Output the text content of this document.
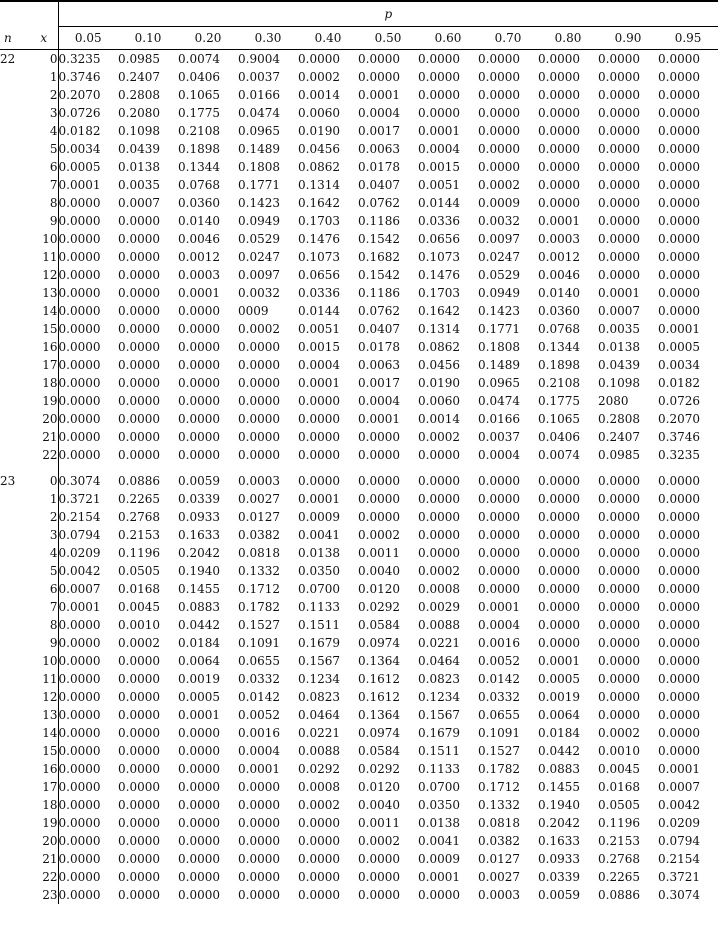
		p										
n	x	0.05	0.10	0.20	0.30	0.40	0.50	0.60	0.70	0.80	0.90	0.95
22	0	0.3235	0.0985	0.0074	0.9004	0.0000	0.0000	0.0000	0.0000	0.0000	0.0000	0.0000
	1	0.3746	0.2407	0.0406	0.0037	0.0002	0.0000	0.0000	0.0000	0.0000	0.0000	0.0000
	2	0.2070	0.2808	0.1065	0.0166	0.0014	0.0001	0.0000	0.0000	0.0000	0.0000	0.0000
	3	0.0726	0.2080	0.1775	0.0474	0.0060	0.0004	0.0000	0.0000	0.0000	0.0000	0.0000
	4	0.0182	0.1098	0.2108	0.0965	0.0190	0.0017	0.0001	0.0000	0.0000	0.0000	0.0000
	5	0.0034	0.0439	0.1898	0.1489	0.0456	0.0063	0.0004	0.0000	0.0000	0.0000	0.0000
	6	0.0005	0.0138	0.1344	0.1808	0.0862	0.0178	0.0015	0.0000	0.0000	0.0000	0.0000
	7	0.0001	0.0035	0.0768	0.1771	0.1314	0.0407	0.0051	0.0002	0.0000	0.0000	0.0000
	8	0.0000	0.0007	0.0360	0.1423	0.1642	0.0762	0.0144	0.0009	0.0000	0.0000	0.0000
	9	0.0000	0.0000	0.0140	0.0949	0.1703	0.1186	0.0336	0.0032	0.0001	0.0000	0.0000
	10	0.0000	0.0000	0.0046	0.0529	0.1476	0.1542	0.0656	0.0097	0.0003	0.0000	0.0000
	11	0.0000	0.0000	0.0012	0.0247	0.1073	0.1682	0.1073	0.0247	0.0012	0.0000	0.0000
	12	0.0000	0.0000	0.0003	0.0097	0.0656	0.1542	0.1476	0.0529	0.0046	0.0000	0.0000
	13	0.0000	0.0000	0.0001	0.0032	0.0336	0.1186	0.1703	0.0949	0.0140	0.0001	0.0000
	14	0.0000	0.0000	0.0000	0009	0.0144	0.0762	0.1642	0.1423	0.0360	0.0007	0.0000
	15	0.0000	0.0000	0.0000	0.0002	0.0051	0.0407	0.1314	0.1771	0.0768	0.0035	0.0001
	16	0.0000	0.0000	0.0000	0.0000	0.0015	0.0178	0.0862	0.1808	0.1344	0.0138	0.0005
	17	0.0000	0.0000	0.0000	0.0000	0.0004	0.0063	0.0456	0.1489	0.1898	0.0439	0.0034
	18	0.0000	0.0000	0.0000	0.0000	0.0001	0.0017	0.0190	0.0965	0.2108	0.1098	0.0182
	19	0.0000	0.0000	0.0000	0.0000	0.0000	0.0004	0.0060	0.0474	0.1775	2080	0.0726
	20	0.0000	0.0000	0.0000	0.0000	0.0000	0.0001	0.0014	0.0166	0.1065	0.2808	0.2070
	21	0.0000	0.0000	0.0000	0.0000	0.0000	0.0000	0.0002	0.0037	0.0406	0.2407	0.3746
	22	0.0000	0.0000	0.0000	0.0000	0.0000	0.0000	0.0000	0.0004	0.0074	0.0985	0.3235

23	0	0.3074	0.0886	0.0059	0.0003	0.0000	0.0000	0.0000	0.0000	0.0000	0.0000	0.0000
	1	0.3721	0.2265	0.0339	0.0027	0.0001	0.0000	0.0000	0.0000	0.0000	0.0000	0.0000
	2	0.2154	0.2768	0.0933	0.0127	0.0009	0.0000	0.0000	0.0000	0.0000	0.0000	0.0000
	3	0.0794	0.2153	0.1633	0.0382	0.0041	0.0002	0.0000	0.0000	0.0000	0.0000	0.0000
	4	0.0209	0.1196	0.2042	0.0818	0.0138	0.0011	0.0000	0.0000	0.0000	0.0000	0.0000
	5	0.0042	0.0505	0.1940	0.1332	0.0350	0.0040	0.0002	0.0000	0.0000	0.0000	0.0000
	6	0.0007	0.0168	0.1455	0.1712	0.0700	0.0120	0.0008	0.0000	0.0000	0.0000	0.0000
	7	0.0001	0.0045	0.0883	0.1782	0.1133	0.0292	0.0029	0.0001	0.0000	0.0000	0.0000
	8	0.0000	0.0010	0.0442	0.1527	0.1511	0.0584	0.0088	0.0004	0.0000	0.0000	0.0000
	9	0.0000	0.0002	0.0184	0.1091	0.1679	0.0974	0.0221	0.0016	0.0000	0.0000	0.0000
	10	0.0000	0.0000	0.0064	0.0655	0.1567	0.1364	0.0464	0.0052	0.0001	0.0000	0.0000
	11	0.0000	0.0000	0.0019	0.0332	0.1234	0.1612	0.0823	0.0142	0.0005	0.0000	0.0000
	12	0.0000	0.0000	0.0005	0.0142	0.0823	0.1612	0.1234	0.0332	0.0019	0.0000	0.0000
	13	0.0000	0.0000	0.0001	0.0052	0.0464	0.1364	0.1567	0.0655	0.0064	0.0000	0.0000
	14	0.0000	0.0000	0.0000	0.0016	0.0221	0.0974	0.1679	0.1091	0.0184	0.0002	0.0000
	15	0.0000	0.0000	0.0000	0.0004	0.0088	0.0584	0.1511	0.1527	0.0442	0.0010	0.0000
	16	0.0000	0.0000	0.0000	0.0001	0.0292	0.0292	0.1133	0.1782	0.0883	0.0045	0.0001
	17	0.0000	0.0000	0.0000	0.0000	0.0008	0.0120	0.0700	0.1712	0.1455	0.0168	0.0007
	18	0.0000	0.0000	0.0000	0.0000	0.0002	0.0040	0.0350	0.1332	0.1940	0.0505	0.0042
	19	0.0000	0.0000	0.0000	0.0000	0.0000	0.0011	0.0138	0.0818	0.2042	0.1196	0.0209
	20	0.0000	0.0000	0.0000	0.0000	0.0000	0.0002	0.0041	0.0382	0.1633	0.2153	0.0794
	21	0.0000	0.0000	0.0000	0.0000	0.0000	0.0000	0.0009	0.0127	0.0933	0.2768	0.2154
	22	0.0000	0.0000	0.0000	0.0000	0.0000	0.0000	0.0001	0.0027	0.0339	0.2265	0.3721
	23	0.0000	0.0000	0.0000	0.0000	0.0000	0.0000	0.0000	0.0003	0.0059	0.0886	0.3074
